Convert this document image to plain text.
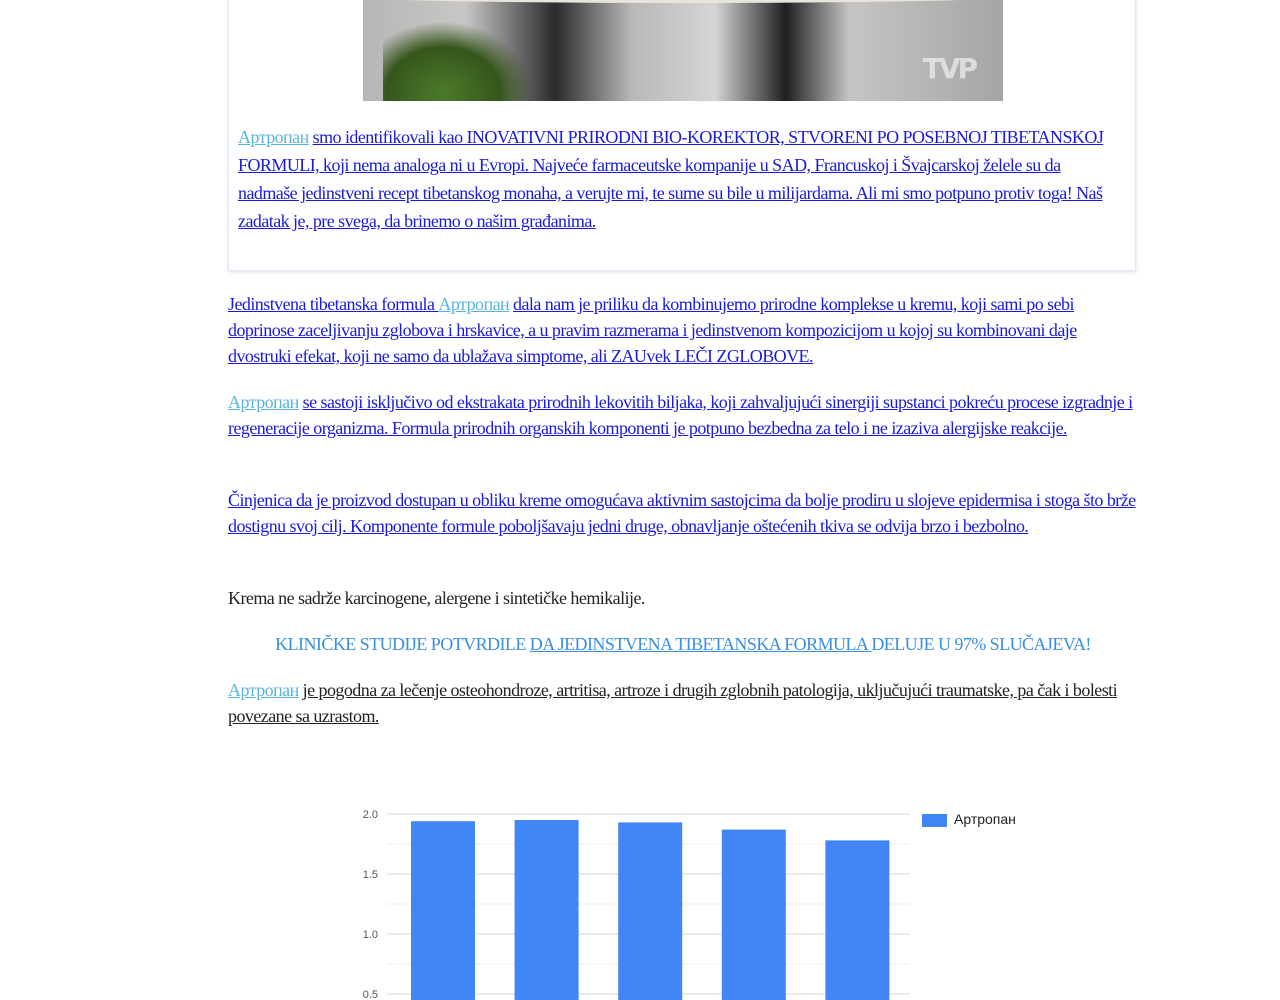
TVP

Артропан smo identifikovali kao INOVATIVNI PRIRODNI BIO-KOREKTOR, STVORENI PO POSEBNOJ TIBETANSKOJ FORMULI, koji nema analoga ni u Evropi. Najveće farmaceutske kompanije u SAD, Francuskoj i Švajcarskoj želele su da nadmaše jedinstveni recept tibetanskog monaha, a verujte mi, te sume su bile u milijardama. Ali mi smo potpuno protiv toga! Naš zadatak je, pre svega, da brinemo o našim građanima.

Jedinstvena tibetanska formula Артропан dala nam je priliku da kombinujemo prirodne komplekse u kremu, koji sami po sebi doprinose zaceljivanju zglobova i hrskavice, a u pravim razmerama i jedinstvenom kompozicijom u kojoj su kombinovani daje dvostruki efekat, koji ne samo da ublažava simptome, ali ZAUvek LEČI ZGLOBOVE.

Артропан se sastoji isključivo od ekstrakata prirodnih lekovitih biljaka, koji zahvaljujući sinergiji supstanci pokreću procese izgradnje i regeneracije organizma. Formula prirodnih organskih komponenti je potpuno bezbedna za telo i ne izaziva alergijske reakcije.

Činjenica da je proizvod dostupan u obliku kreme omogućava aktivnim sastojcima da bolje prodiru u slojeve epidermisa i stoga što brže dostignu svoj cilj. Komponente formule poboljšavaju jedni druge, obnavljanje oštećenih tkiva se odvija brzo i bezbolno.

Krema ne sadrže karcinogene, alergene i sintetičke hemikalije.

KLINIČKE STUDIJE POTVRDILE DA JEDINSTVENA TIBETANSKA FORMULA DELUJE U 97% SLUČAJEVA!

Артропан je pogodna za lečenje osteohondroze, artritisa, artroze i drugih zglobnih patologija, uključujući traumatske, pa čak i bolesti povezane sa uzrastom.

0.5
1.0
1.5
2.0	Артропан
